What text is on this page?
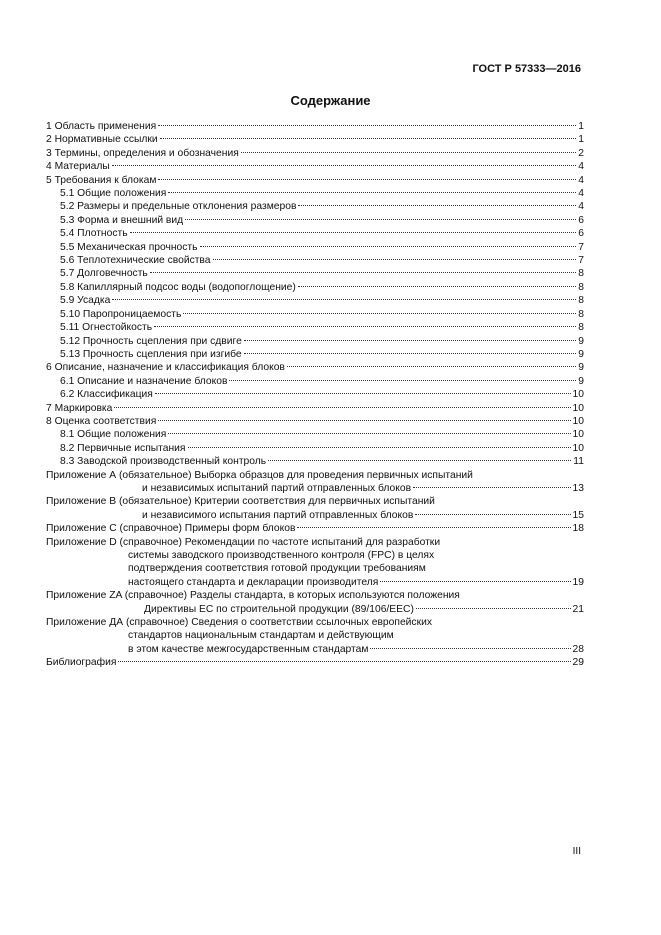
ГОСТ Р 57333—2016
Содержание
1 Область применения	1
2 Нормативные ссылки	1
3 Термины, определения и обозначения	2
4 Материалы	4
5 Требования к блокам	4
5.1 Общие положения	4
5.2 Размеры и предельные отклонения размеров	4
5.3 Форма и внешний вид	6
5.4 Плотность	6
5.5 Механическая прочность	7
5.6 Теплотехнические свойства	7
5.7 Долговечность	8
5.8 Капиллярный подсос воды (водопоглощение)	8
5.9 Усадка	8
5.10 Паропроницаемость	8
5.11 Огнестойкость	8
5.12 Прочность сцепления при сдвиге	9
5.13 Прочность сцепления при изгибе	9
6 Описание, назначение и классификация блоков	9
6.1 Описание и назначение блоков	9
6.2 Классификация	10
7 Маркировка	10
8 Оценка соответствия	10
8.1 Общие положения	10
8.2 Первичные испытания	10
8.3 Заводской производственный контроль	11
Приложение А (обязательное) Выборка образцов для проведения первичных испытаний
и независимых испытаний партий отправленных блоков	13
Приложение В (обязательное) Критерии соответствия для первичных испытаний
и независимого испытания партий отправленных блоков	15
Приложение С (справочное) Примеры форм блоков	18
Приложение D (справочное) Рекомендации по частоте испытаний для разработки
системы заводского производственного контроля (FPC) в целях
подтверждения соответствия готовой продукции требованиям
настоящего стандарта и декларации производителя	19
Приложение ZA (справочное) Разделы стандарта, в которых используются положения
Директивы ЕС по строительной продукции (89/106/ЕЕС)	21
Приложение ДА (справочное) Сведения о соответствии ссылочных европейских
стандартов национальным стандартам и действующим
в этом качестве межгосударственным стандартам	28
Библиография	29
III
